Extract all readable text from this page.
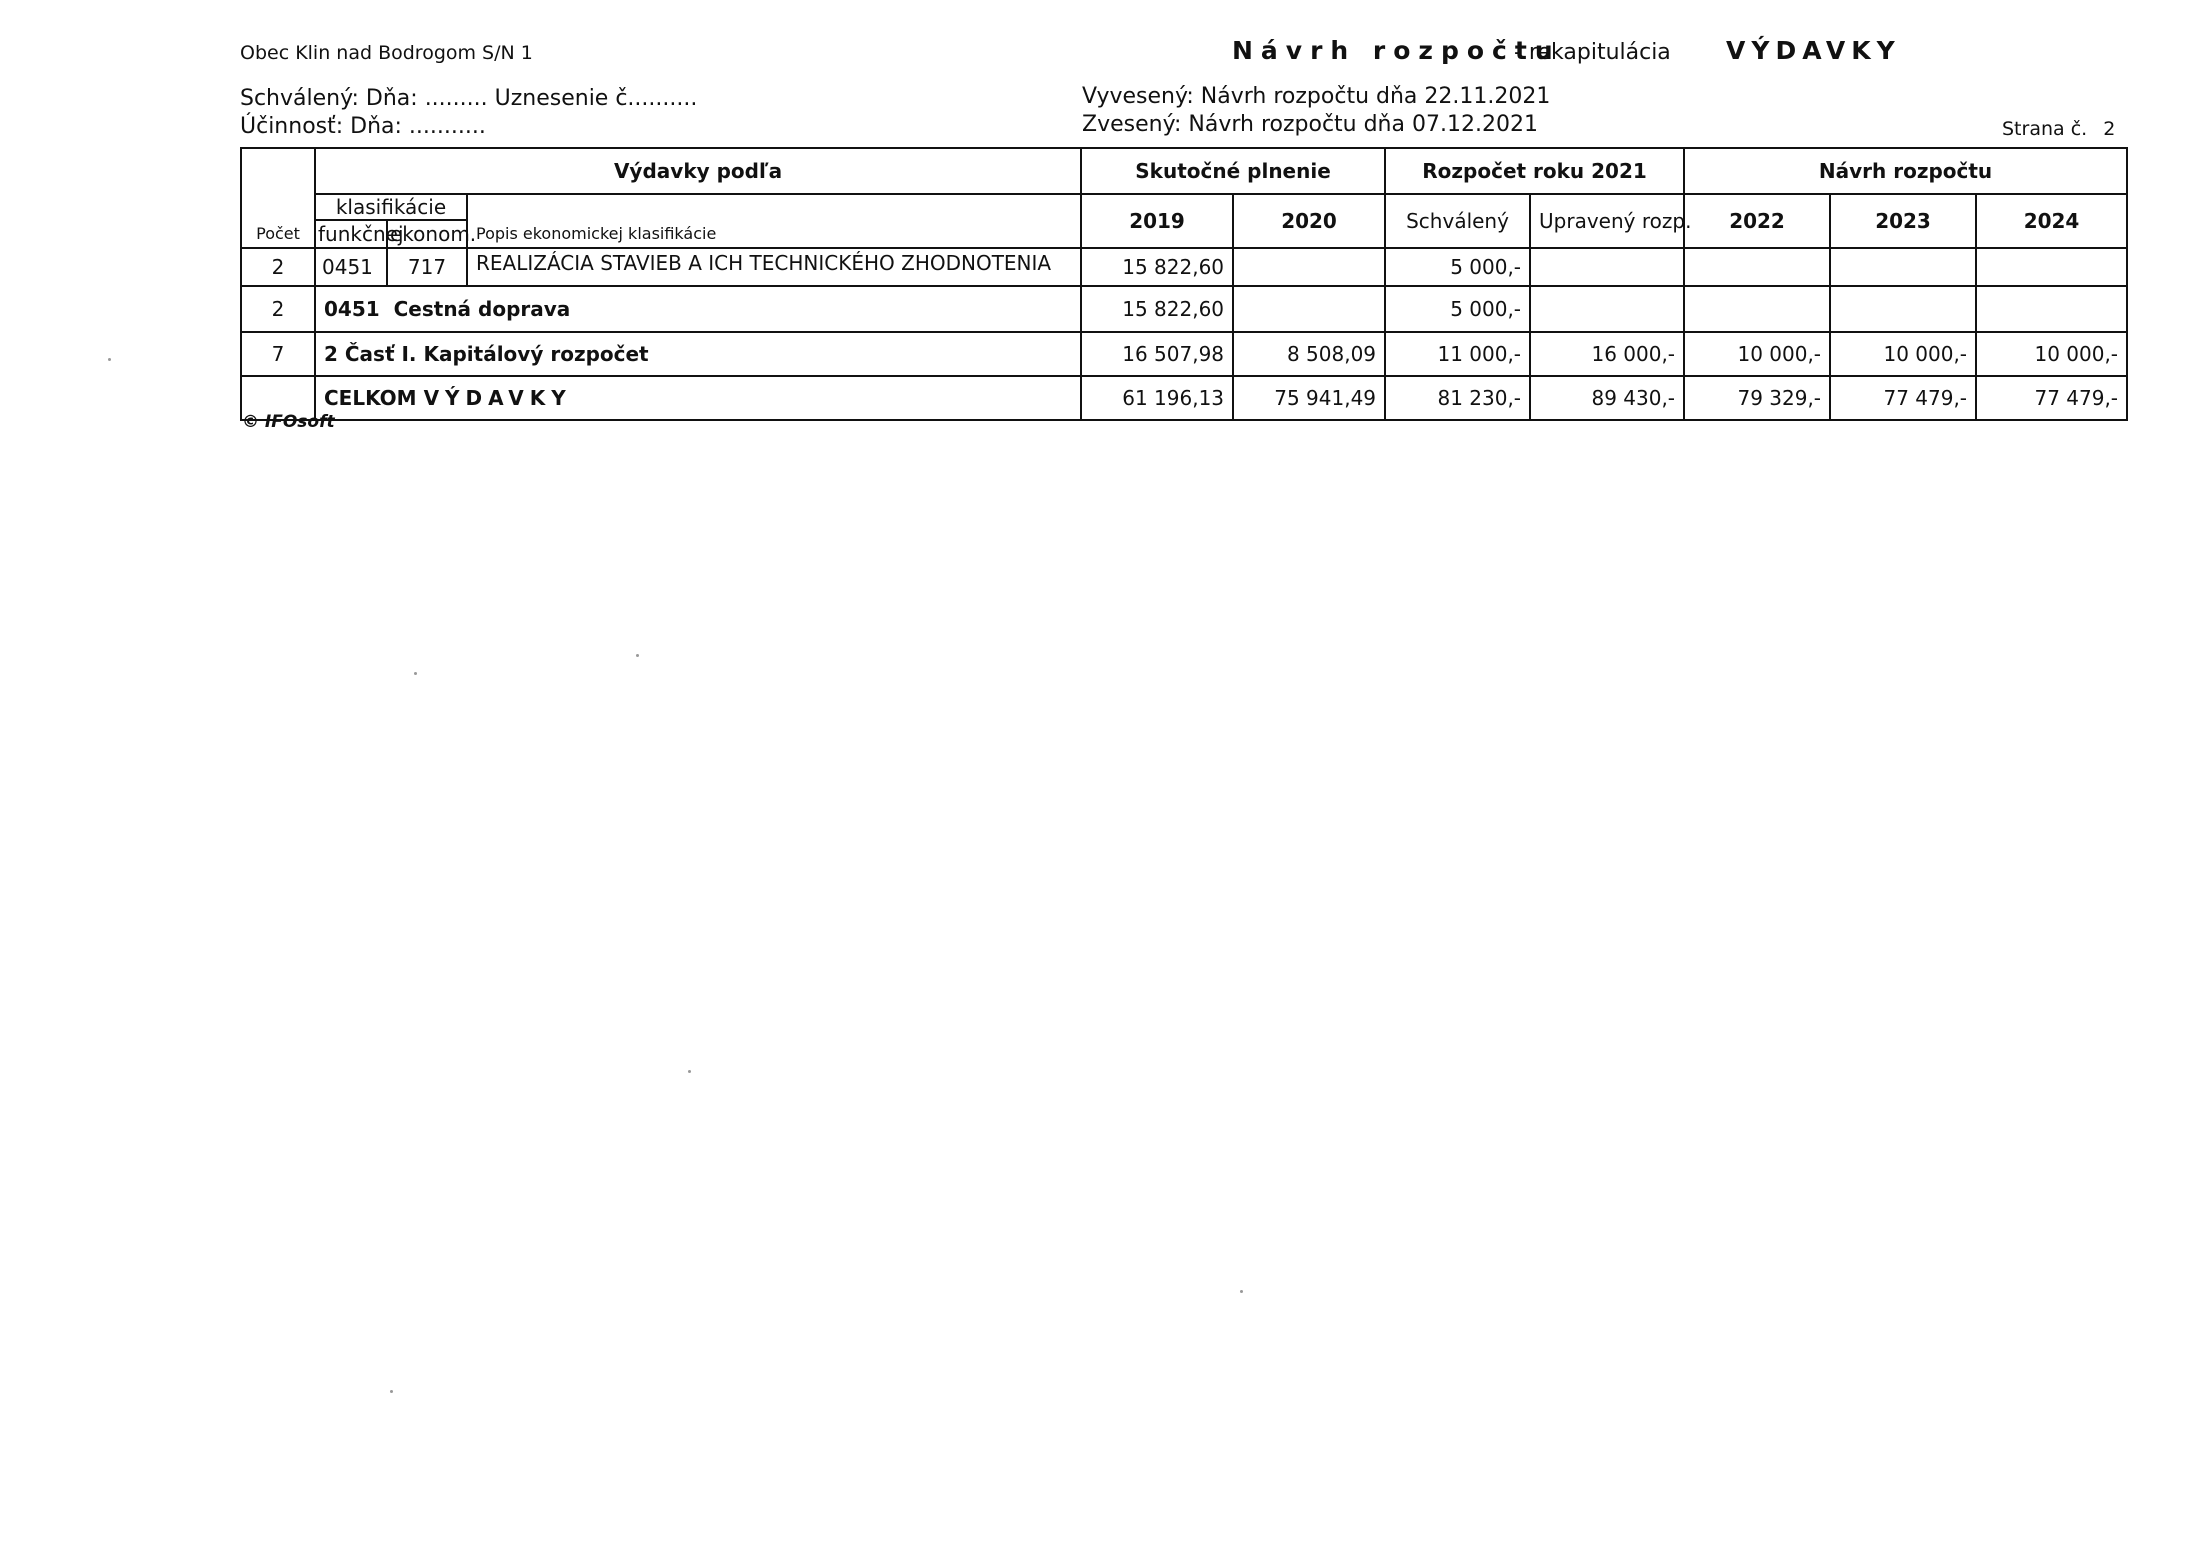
Obec Klin nad Bodrogom S/N 1	Návrh rozpočtu
- rekapitulácia VÝDAVKY
Schválený: Dňa: ......... Uznesenie č..........
Účinnosť: Dňa: ...........
Vyvesený: Návrh rozpočtu dňa 22.11.2021
Zvesený: Návrh rozpočtu dňa 07.12.2021	Strana č. 2
Počet	Výdavky podľa			Skutočné plnenie		Rozpočet roku 2021		Návrh rozpočtu		
	klasifikácie		Popis ekonomickej klasifikácie	2019	2020	Schválený	Upravený rozp.	2022	2023	2024
	funkčnej	ekonom.								
2	0451	717	REALIZÁCIA STAVIEB A ICH TECHNICKÉHO ZHODNOTENIA	15 822,60		5 000,-				
2	0451 Cestná doprava			15 822,60		5 000,-				
7	2 Časť I. Kapitálový rozpočet			16 507,98	8 508,09	11 000,-	16 000,-	10 000,-	10 000,-	10 000,-
	CELKOM VÝDAVKY			61 196,13	75 941,49	81 230,-	89 430,-	79 329,-	77 479,-	77 479,-
© IFOsoft
